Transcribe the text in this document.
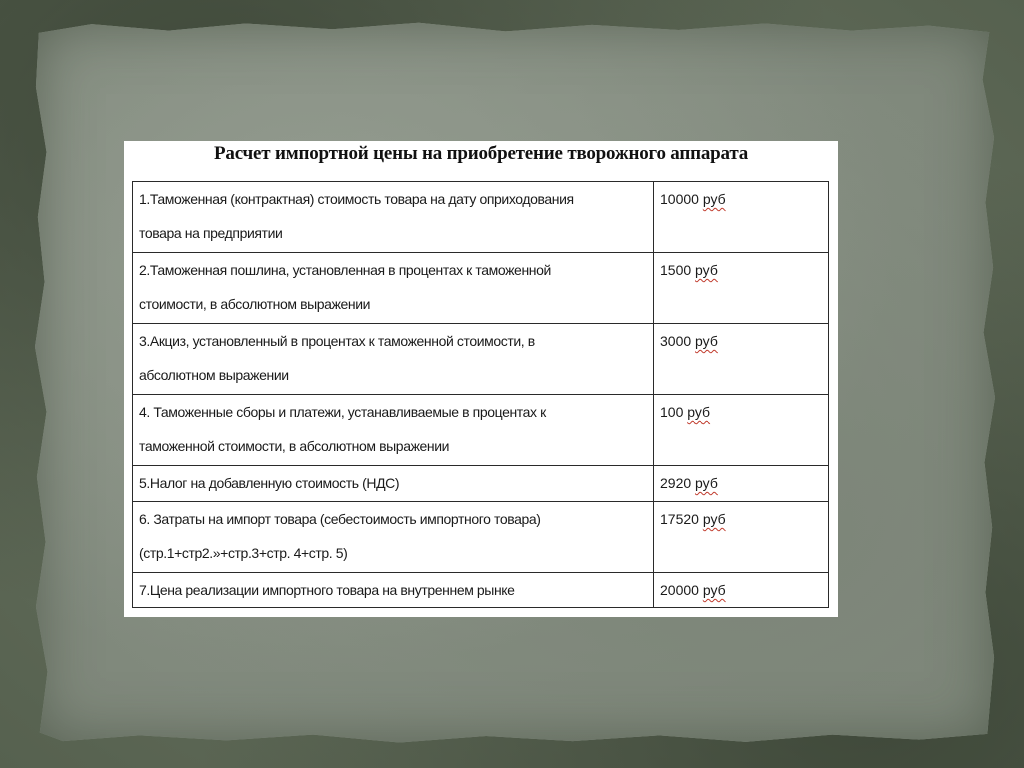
Расчет импортной цены на приобретение творожного аппарата
1.Таможенная (контрактная) стоимость товара на дату оприходования
товара на предприятии	10000 руб

2.Таможенная пошлина, установленная в процентах к таможенной
стоимости, в абсолютном выражении	1500 руб

3.Акциз, установленный в процентах к таможенной стоимости, в
абсолютном выражении	3000 руб

4. Таможенные сборы и платежи, устанавливаемые в процентах к
таможенной стоимости, в абсолютном выражении	100 руб

5.Налог на добавленную стоимость (НДС)	2920 руб

6. Затраты на импорт товара (себестоимость импортного товара)
(стр.1+стр2.»+стр.3+стр. 4+стр. 5)	17520 руб

7.Цена реализации импортного товара на внутреннем рынке	20000 руб
